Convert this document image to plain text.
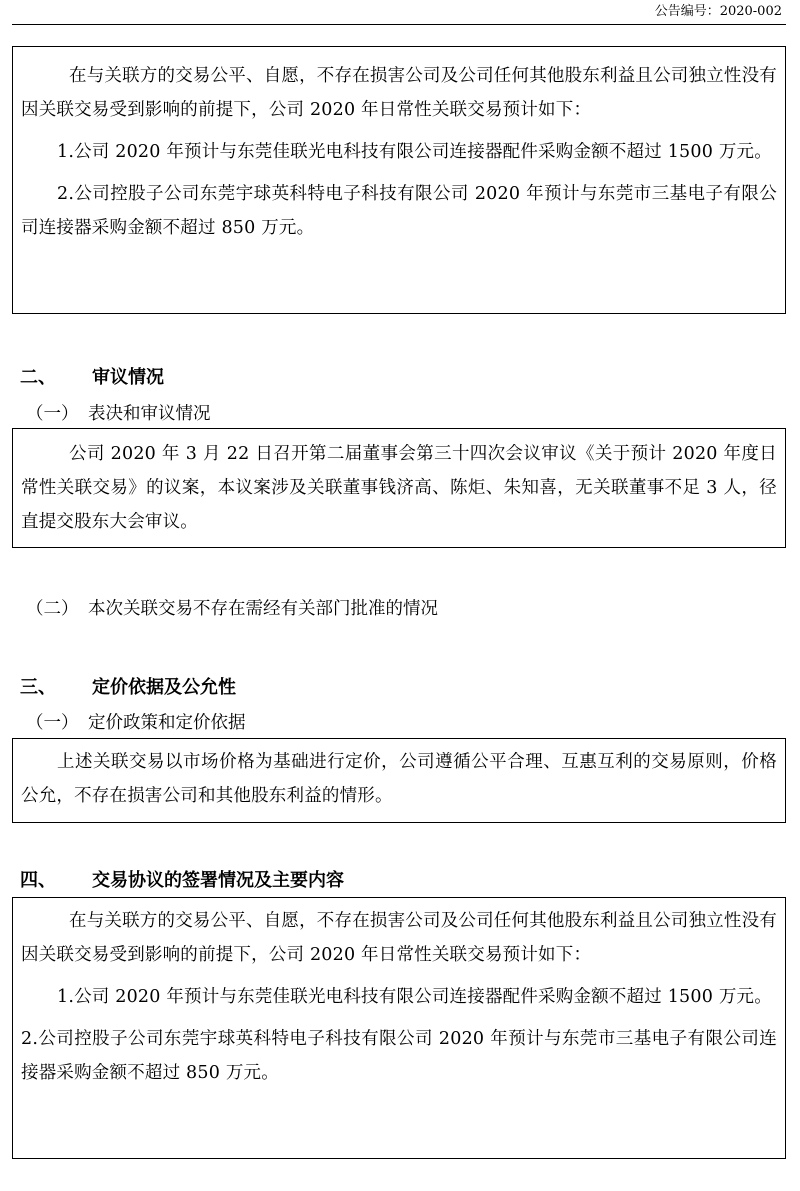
公告编号：2020-002

在与关联方的交易公平、自愿，不存在损害公司及公司任何其他股东利益且公司独立性没有因关联交易受到影响的前提下，公司 2020 年日常性关联交易预计如下：

1.公司 2020 年预计与东莞佳联光电科技有限公司连接器配件采购金额不超过 1500 万元。

2.公司控股子公司东莞宇球英科特电子科技有限公司 2020 年预计与东莞市三基电子有限公司连接器采购金额不超过 850 万元。

二、 审议情况
（一） 表决和审议情况

公司 2020 年 3 月 22 日召开第二届董事会第三十四次会议审议《关于预计 2020 年度日常性关联交易》的议案，本议案涉及关联董事钱济高、陈炬、朱知喜，无关联董事不足 3 人，径直提交股东大会审议。

（二） 本次关联交易不存在需经有关部门批准的情况
三、 定价依据及公允性
（一） 定价政策和定价依据

上述关联交易以市场价格为基础进行定价，公司遵循公平合理、互惠互利的交易原则，价格公允，不存在损害公司和其他股东利益的情形。

四、 交易协议的签署情况及主要内容

在与关联方的交易公平、自愿，不存在损害公司及公司任何其他股东利益且公司独立性没有因关联交易受到影响的前提下，公司 2020 年日常性关联交易预计如下：

1.公司 2020 年预计与东莞佳联光电科技有限公司连接器配件采购金额不超过 1500 万元。

2.公司控股子公司东莞宇球英科特电子科技有限公司 2020 年预计与东莞市三基电子有限公司连接器采购金额不超过 850 万元。
